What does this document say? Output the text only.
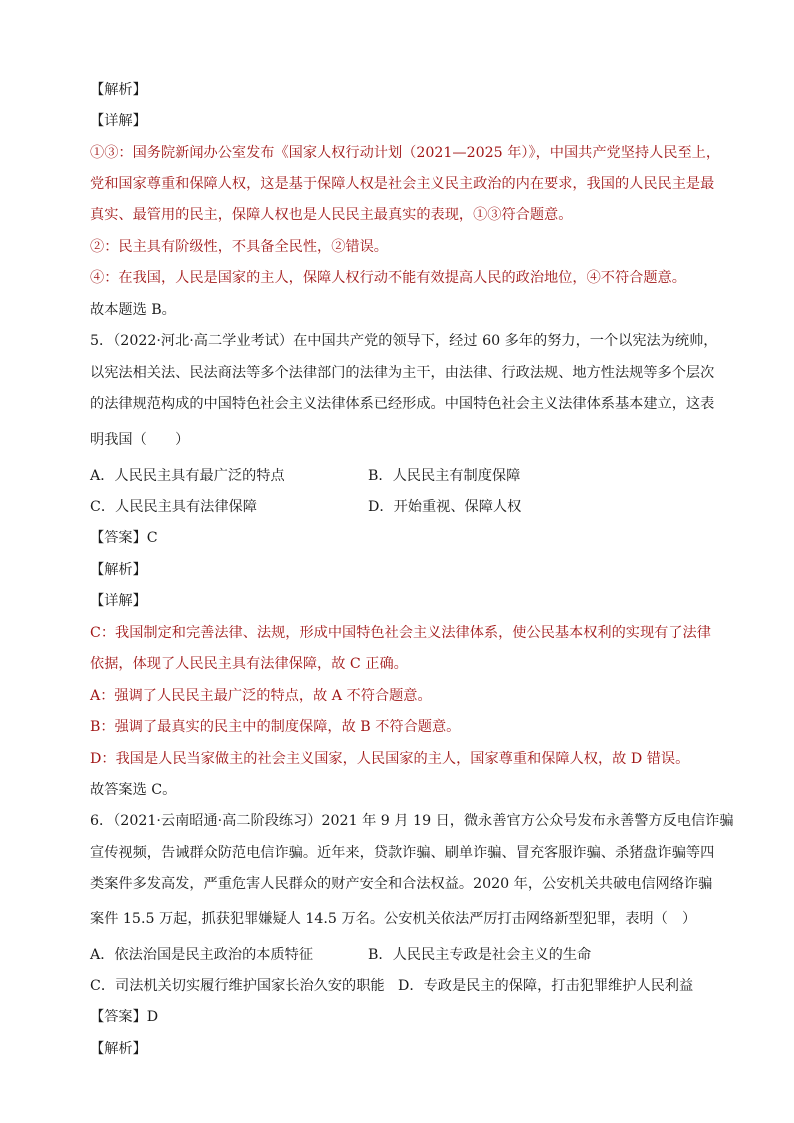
【解析】
【详解】
①③：国务院新闻办公室发布《国家人权行动计划（2021—2025 年）》，中国共产党坚持人民至上，
党和国家尊重和保障人权，这是基于保障人权是社会主义民主政治的内在要求，我国的人民民主是最
真实、最管用的民主，保障人权也是人民民主最真实的表现，①③符合题意。
②：民主具有阶级性，不具备全民性，②错误。
④：在我国，人民是国家的主人，保障人权行动不能有效提高人民的政治地位，④不符合题意。
故本题选 B。
5．（2022·河北·高二学业考试）在中国共产党的领导下，经过 60 多年的努力，一个以宪法为统帅，
以宪法相关法、民法商法等多个法律部门的法律为主干，由法律、行政法规、地方性法规等多个层次
的法律规范构成的中国特色社会主义法律体系已经形成。中国特色社会主义法律体系基本建立，这表
明我国（　　）
A．人民民主具有最广泛的特点	B．人民民主有制度保障
C．人民民主具有法律保障	D．开始重视、保障人权
【答案】C
【解析】
【详解】
C：我国制定和完善法律、法规，形成中国特色社会主义法律体系，使公民基本权利的实现有了法律
依据，体现了人民民主具有法律保障，故 C 正确。
A：强调了人民民主最广泛的特点，故 A 不符合题意。
B：强调了最真实的民主中的制度保障，故 B 不符合题意。
D：我国是人民当家做主的社会主义国家，人民国家的主人，国家尊重和保障人权，故 D 错误。
故答案选 C。
6．（2021·云南昭通·高二阶段练习）2021 年 9 月 19 日，微永善官方公众号发布永善警方反电信诈骗
宣传视频，告诫群众防范电信诈骗。近年来，贷款诈骗、刷单诈骗、冒充客服诈骗、杀猪盘诈骗等四
类案件多发高发，严重危害人民群众的财产安全和合法权益。2020 年，公安机关共破电信网络诈骗
案件 15.5 万起，抓获犯罪嫌疑人 14.5 万名。公安机关依法严厉打击网络新型犯罪，表明（　）
A．依法治国是民主政治的本质特征	B．人民民主专政是社会主义的生命
C．司法机关切实履行维护国家长治久安的职能 D．专政是民主的保障，打击犯罪维护人民利益
【答案】D
【解析】
